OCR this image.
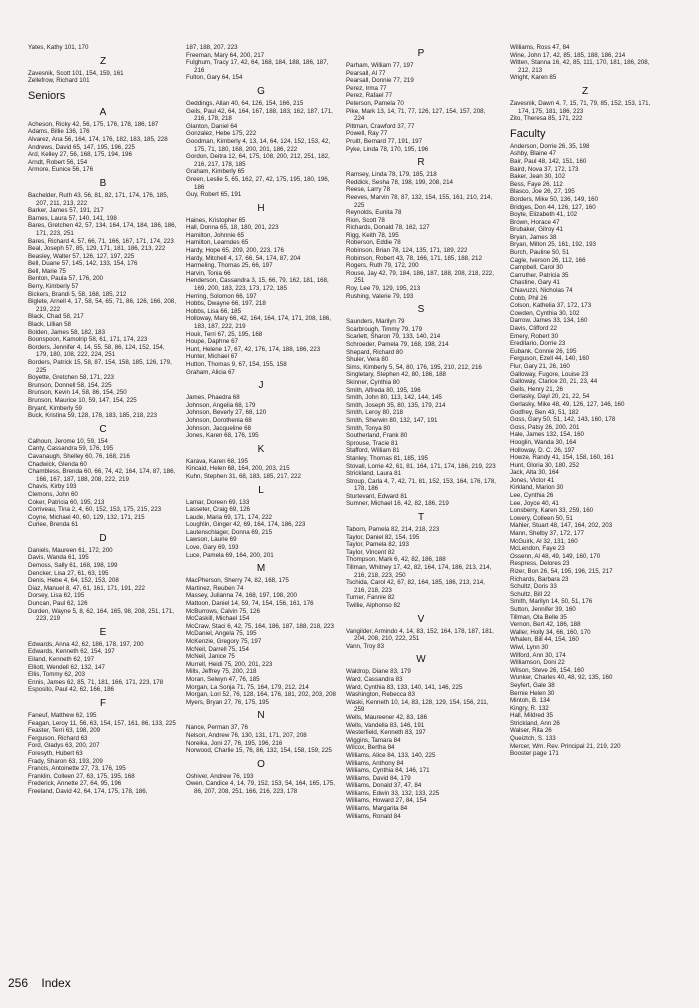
Yates, Kathy 101, 170
Z
Zavesnik, Scott 101, 154, 159, 161
Zellefrow, Richard 101
Seniors
A
Acheson, Ricky 42, 56, 175, 176, 178, 186, 187
Adams, Billie 136, 176
Alvarez, Ana 56, 164, 174, 176, 182, 183, 185, 228
Andrews, David 65, 147, 195, 196, 225
Ard, Kelley 27, 56, 168, 175, 194, 196
Arndt, Robert 56, 154
Armore, Eunice 56, 176
B
Bachelder, Ruth 43, 56, 81, 82, 171, 174, 176, 185, 207, 211, 213, 222
Barker, James 57, 191, 217
Barnes, Laura 57, 140, 141, 198
Bares, Gretchen 42, 57, 134, 164, 174, 184, 186, 186, 171, 223, 251
Bares, Richard 4, 57, 66, 71, 166, 167, 171, 174, 223
Beal, Joseph 57, 85, 129, 171, 181, 186, 213, 222
Beasley, Walter 57, 126, 127, 197, 225
Bell, Duane 57, 145, 142, 133, 154, 176
Bell, Marie 75
Benton, Paula 57, 176, 200
Berry, Kimberly 57
Bickers, Brandi 5, 58, 168, 185, 212
Biglete, Arnell 4, 17, 58, 54, 65, 71, 86, 126, 166, 208, 219, 222
Black, Chad 58, 217
Black, Lillian 58
Bolden, James 58, 182, 183
Boonspoon, Kamolrip 58, 61, 171, 174, 223
Borders, Jennifer 4, 14, 55, 58, 86, 124, 152, 154, 179, 180, 108, 222, 224, 251
Borders, Patrick 15, 58, 87, 154, 158, 185, 126, 179, 225
Boyette, Gretchen 58, 171, 223
Brunson, Donnell 58, 154, 225
Brunson, Kevin 14, 58, 86, 154, 250
Brunson, Maurice 10, 59, 147, 154, 225
Bryant, Kimberly 59
Buck, Kristina 59, 128, 178, 183, 185, 218, 223
C
Calhoun, Jerome 10, 59, 154
Canty, Cassandra 59, 176, 195
Cavanaugh, Shelley 60, 76, 168, 216
Chadwick, Glenda 60
Chambless, Brenda 60, 66, 74, 42, 164, 174, 87, 186, 166, 167, 187, 188, 208, 222, 219
Chavis, Kirby 193
Clemons, John 60
Coker, Patricia 60, 195, 213
Corriveau, Tina 2, 4, 60, 152, 153, 175, 215, 223
Coyne, Michael 40, 60, 129, 132, 171, 215
Curlee, Brenda 61
D
Daniels, Maureen 61, 172, 200
Davis, Wanda 61, 195
Demoss, Sally 61, 168, 198, 199
Dencker, Lisa 27, 61, 63, 195
Denis, Hebe 4, 64, 152, 153, 208
Diaz, Manuel 8, 47, 61, 161, 171, 191, 222
Dorsey, Lisa 62, 195
Duncan, Paul 62, 126
Durden, Wayne 5, 8, 62, 164, 165, 98, 208, 251, 171, 223, 219
E
Edwards, Anna 42, 62, 186, 178, 197, 200
Edwards, Kenneth 62, 154, 197
Eiland, Kenneth 62, 197
Elliott, Wendell 62, 132, 147
Ellis, Tommy 62, 203
Ennis, James 62, 85, 71, 181, 166, 171, 223, 178
Esposito, Paul 42, 62, 166, 186
F
Faneuf, Matthew 62, 195
Feagan, Leroy 11, 56, 63, 154, 157, 161, 86, 133, 225
Feaster, Terri 63, 198, 209
Ferguson, Richard 63
Ford, Gladys 63, 200, 207
Foresyth, Hubert 63
Frady, Sharon 63, 193, 209
Francis, Antoinette 27, 73, 176, 195
Franklin, Colleen 27, 63, 175, 195, 168
Frederick, Annette 27, 64, 95, 196
Freeland, David 42, 64, 174, 175, 178, 186,
187, 188, 207, 223
Freeman, Mary 64, 200, 217
Fulghum, Tracy 17, 42, 64, 168, 184, 188, 186, 187, 216
Fulton, Gary 64, 154
G
Geddings, Allan 40, 64, 126, 154, 166, 215
Geils, Paul 42, 64, 164, 167, 188, 183, 162, 187, 171, 216, 178, 218
Glanton, Daniel 64
Gonzalez, Hebe 175, 222
Goodman, Kimberly 4, 13, 14, 64, 124, 152, 153, 42, 175, 71, 180, 168, 200, 201, 186, 222
Gordon, Deitra 12, 64, 175, 108, 200, 212, 251, 182, 216, 217, 178, 185
Graham, Kimberly 65
Green, Leslie 5, 65, 162, 27, 42, 175, 195, 180, 196, 186
Guy, Robert 65, 191
H
Haines, Kristopher 65
Hall, Donna 65, 18, 180, 201, 223
Hamilton, Johnnie 65
Hamilton, Learndes 65
Hardy, Hope 65, 209, 200, 223, 176
Hardy, Mitchell 4, 17, 66, 54, 174, 87, 204
Harmeling, Thomas 25, 66, 197
Harvin, Tonia 66
Henderson, Cassandra 3, 15, 66, 79, 162, 181, 168, 169, 200, 183, 223, 173, 172, 185
Herring, Solomon 66, 197
Hobbs, Dwayne 66, 197, 218
Hobbs, Lisa 66, 185
Holloway, Mary 66, 42, 164, 164, 174, 171, 208, 186, 183, 187, 222, 219
Houk, Terri 67, 25, 195, 168
Houpe, Daphne 67
Hunt, Helene 17, 67, 42, 176, 174, 188, 186, 223
Hunter, Michael 67
Hutton, Thomas 9, 67, 154, 155, 158
Graham, Alicia 67
J
James, Phaedra 68
Johnson, Angelia 68, 179
Johnson, Beverly 27, 68, 120
Johnson, Dorothenia 68
Johnson, Jacqueline 68
Jones, Karen 68, 176, 195
K
Karava, Karen 68, 195
Kincaid, Helen 68, 164, 200, 203, 215
Kuhn, Stephen 31, 68, 183, 185, 217, 222
L
Lamar, Doreen 69, 133
Lasseter, Craig 69, 126
Laude, Maria 69, 171, 174, 222
Loughlin, Ginger 42, 69, 164, 174, 186, 223
Lautenschlager, Donna 69, 215
Lawson, Laurie 69
Love, Gary 69, 193
Luce, Pamela 69, 164, 200, 201
M
MacPherson, Sherry 74, 82, 168, 175
Martinez, Reuben 74
Massey, Julianna 74, 168, 197, 198, 200
Mattoon, Daniel 14, 59, 74, 154, 156, 161, 176
McBurrows, Calvin 75, 126
McCaskill, Michael 154
McCraw, Staci 6, 42, 75, 164, 186, 187, 188, 218, 223
McDaniel, Angela 75, 195
McKenzie, Gregory 75, 197
McNeil, Darrell 75, 154
McNeil, Janice 75
Murrell, Heidi 75, 200, 201, 223
Mills, Jeffrey 75, 200, 218
Moran, Selwyn 47, 76, 185
Morgan, La Sonja 71, 75, 164, 179, 212, 214
Morgan, Lori 52, 76, 128, 164, 176, 181, 202, 203, 208
Myers, Bryan 27, 76, 175, 195
N
Nance, Perman 37, 76
Nelson, Andrew 76, 130, 131, 171, 207, 208
Noreika, Joni 27, 76, 195, 196, 216
Norwood, Charlie 15, 76, 86, 132, 154, 158, 159, 225
O
Oshiver, Andrew 76, 193
Owen, Candice 4, 14, 79, 152, 153, 54, 164, 165, 175, 86, 207, 208, 251, 166, 216, 223, 178
P
Parham, William 77, 197
Pearsall, Al 77
Pearsall, Donnie 77, 219
Perez, Irma 77
Perez, Rafael 77
Peterson, Pamela 70
Pike, Mark 13, 14, 71, 77, 126, 127, 154, 157, 208, 224
Pittman, Crawford 37, 77
Powell, Ray 77
Pruitt, Bernard 77, 191, 197
Pyke, Linda 78, 170, 195, 196
R
Ramsey, Linda 78, 179, 185, 218
Reddick, Sesha 78, 198, 199, 208, 214
Reese, Larry 78
Reeves, Marvin 78, 87, 132, 154, 155, 161, 210, 214, 225
Reynolds, Eunita 78
Rion, Scott 78
Richards, Donald 78, 162, 127
Rigg, Keith 78, 195
Roberson, Eddie 78
Robinson, Brian 78, 124, 135, 171, 189, 222
Robinson, Robert 43, 78, 166, 171, 185, 188, 212
Rogers, Ruth 79, 172, 200
Rouse, Jay 42, 79, 184, 186, 187, 188, 208, 218, 222, 251
Roy, Lee 79, 129, 195, 213
Rushing, Valerie 79, 193
S
Saunders, Marilyn 79
Scarbrough, Timmy 79, 179
Scarlett, Sharon 79, 133, 140, 214
Schroeder, Pamela 79, 168, 198, 214
Shepard, Richard 80
Shuler, Vera 80
Sims, Kimberly 5, 54, 80, 176, 195, 210, 212, 216
Singletary, Stephen 42, 80, 186, 188
Skinner, Cynthia 80
Smith, Alfreda 80, 195, 196
Smith, John 80, 113, 142, 144, 145
Smith, Joseph 35, 80, 135, 179, 214
Smith, Leroy 80, 218
Smith, Sherwin 80, 132, 147, 191
Smith, Tonya 80
Southerland, Frank 80
Sprouse, Tracie 81
Stafford, William 81
Stanley, Thomas 81, 185, 195
Stovall, Lorrie 42, 61, 81, 164, 171, 174, 186, 219, 223
Strickland, Laura 81
Stroup, Carla 4, 7, 42, 71, 81, 152, 153, 164, 176, 178, 178, 186
Sturtevant, Edward 81
Sumner, Michael 16, 42, 82, 186, 219
T
Taborn, Pamela 82, 214, 218, 223
Taylor, Daniel 82, 154, 195
Taylor, Pamela 82, 193
Taylor, Vincent 82
Thompson, Mark 6, 42, 82, 186, 188
Tillman, Whitney 17, 42, 82, 164, 174, 186, 213, 214, 216, 218, 223, 250
Tschida, Carol 42, 67, 82, 164, 185, 186, 213, 214, 216, 218, 223
Turner, Fannie 82
Twillie, Alphonso 82
V
Vangilder, Armindo 4, 14, 83, 152, 164, 178, 187, 181, 204, 208, 210, 222, 251
Vann, Troy 83
W
Waldrop, Diane 83, 179
Ward, Cassandra 83
Ward, Cynthia 83, 133, 140, 141, 146, 225
Washington, Rebecca 83
Waski, Kenneth 10, 14, 83, 128, 129, 154, 156, 211, 259
Wells, Maureener 42, 83, 186
Wells, Vandella 83, 146, 191
Westerfield, Kenneth 83, 197
Wiggins, Tamara 84
Wilcox, Bertha 84
Williams, Alice 84, 133, 140, 225
Williams, Anthony 84
Williams, Cynthia 84, 146, 171
Williams, David 84, 179
Williams, Donald 37, 47, 84
Williams, Edwin 33, 132, 133, 225
Williams, Howard 27, 84, 154
Williams, Margarita 84
Williams, Ronald 84
Williams, Ross 47, 84
Wine, John 17, 42, 85, 185, 188, 186, 214
Witten, Stanna 16, 42, 85, 111, 170, 181, 186, 208, 212, 213
Wright, Karen 85
Z
Zavesnik, Dawn 4, 7, 15, 71, 79, 85, 152, 153, 171, 174, 175, 181, 186, 223
Zito, Theresa 85, 171, 222
Faculty
Anderson, Dorrie 26, 35, 198
Ashby, Blaine 47
Bair, Paul 48, 142, 151, 160
Baird, Nova 37, 172, 173
Baker, Jean 30, 102
Bess, Faye 26, 112
Blasco, Joe 26, 27, 195
Borders, Mike 50, 136, 149, 160
Bridges, Don 44, 126, 127, 160
Boyte, Elizabeth 41, 102
Brown, Horace 47
Brubaker, Gilroy 41
Bryan, James 38
Bryan, Milton 25, 161, 192, 193
Burch, Pauline 50, 51
Cagle, Iverson 26, 112, 166
Campbell, Carol 30
Carruther, Patricia 35
Chastine, Gary 41
Chiavuzzi, Nicholas 74
Cobb, Phil 26
Colson, Kathelia 37, 172, 173
Cowden, Cynthia 30, 102
Darrow, James 33, 134, 160
Davis, Clifford 22
Emery, Robert 30
Ereditario, Dorrie 23
Eubank, Connie 26, 195
Ferguson, Ezell 44, 140, 160
Flur, Gary 21, 26, 160
Galloway, Fugore, Louise 23
Galloway, Clarice 20, 21, 23, 44
Geils, Henry 21, 26
Gerlasky, Dayl 20, 21, 22, 54
Gerlasky, Mike 48, 49, 126, 127, 146, 160
Godfrey, Ben 43, 51, 182
Goss, Gary 50, 51, 142, 143, 160, 178
Goss, Patsy 26, 200, 201
Hale, James 132, 154, 160
Hooglin, Wanda 30, 164
Holloway, D. C. 26, 197
Howze, Randy 41, 154, 158, 160, 161
Hunt, Gloria 30, 180, 252
Jack, Alta 30, 164
Jones, Victor 41
Kirkland, Marion 30
Lee, Cynthia 26
Lee, Joyce 40, 41
Lonsberry, Karen 33, 259, 160
Lowery, Colleen 50, 51
Mahler, Stuart 48, 147, 164, 202, 203
Mann, Shelby 37, 172, 177
McGuirk, Al 32, 131, 160
McLendon, Faye 23
Ossenn, Al 48, 49, 149, 160, 170
Respress, Delores 23
Rizer, Bon 26, 54, 195, 196, 215, 217
Richards, Barbara 23
Schultz, Doris 33
Schultz, Bill 22
Smith, Marilyn 14, 50, 51, 176
Sutton, Jennifer 39, 160
Tillman, Ola Belle 35
Vernon, Bert 42, 186, 188
Waller, Holly 34, 66, 160, 170
Whalen, Bill 44, 154, 160
Wiwi, Lynn 30
Wilford, Ann 30, 174
Williamson, Doni 22
Wilson, Steve 26, 154, 160
Wunker, Charles 40, 48, 92, 135, 160
Seyfert, Gale 38
Bernie Helen 30
Mintoh, B. 134
Kingry, R. 132
Hall, Mildred 35
Strickland, Ann 26
Walser, Rita 26
Queiztch, S. 133
Mercer, Wm. Rev. Principal 21, 219, 220
Booster page 171
256 Index
